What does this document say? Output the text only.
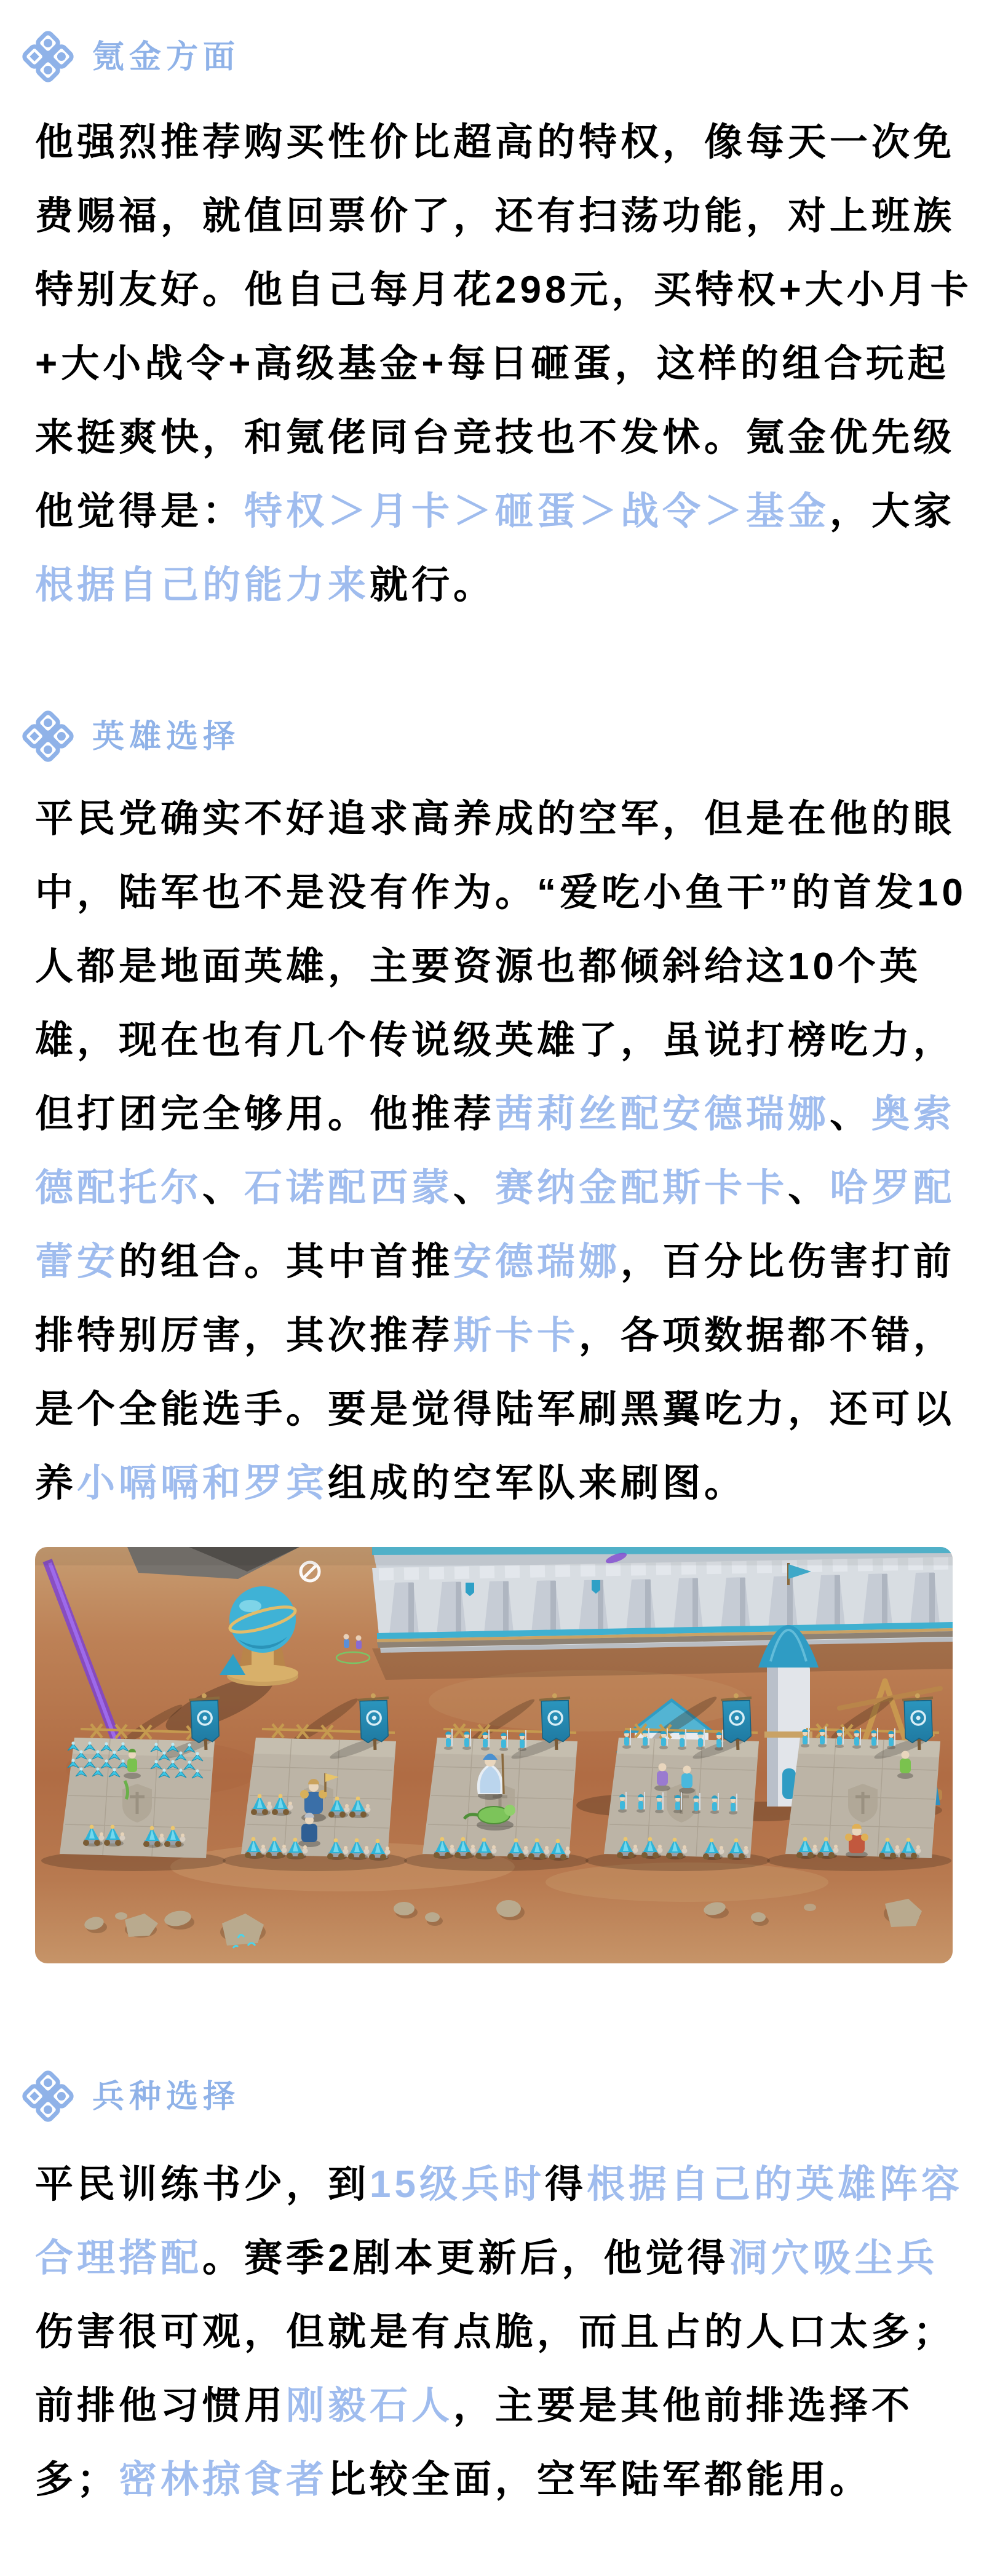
氪金方面
他强烈推荐购买性价比超高的特权，像每天一次免费赐福，就值回票价了，还有扫荡功能，对上班族特别友好。他自己每月花298元，买特权+大小月卡+大小战令+高级基金+每日砸蛋，这样的组合玩起来挺爽快，和氪佬同台竞技也不发怵。氪金优先级他觉得是：特权＞月卡＞砸蛋＞战令＞基金，大家根据自己的能力来就行。
英雄选择
平民党确实不好追求高养成的空军，但是在他的眼中，陆军也不是没有作为。“爱吃小鱼干”的首发10人都是地面英雄，主要资源也都倾斜给这10个英雄，现在也有几个传说级英雄了，虽说打榜吃力，但打团完全够用。他推荐茜莉丝配安德瑞娜、奥索德配托尔、石诺配西蒙、赛纳金配斯卡卡、哈罗配蕾安的组合。其中首推安德瑞娜，百分比伤害打前排特别厉害，其次推荐斯卡卡，各项数据都不错，是个全能选手。要是觉得陆军刷黑翼吃力，还可以养小嗝嗝和罗宾组成的空军队来刷图。
兵种选择
平民训练书少，到15级兵时得根据自己的英雄阵容合理搭配。赛季2剧本更新后，他觉得洞穴吸尘兵伤害很可观，但就是有点脆，而且占的人口太多；前排他习惯用刚毅石人，主要是其他前排选择不多；密林掠食者比较全面，空军陆军都能用。
